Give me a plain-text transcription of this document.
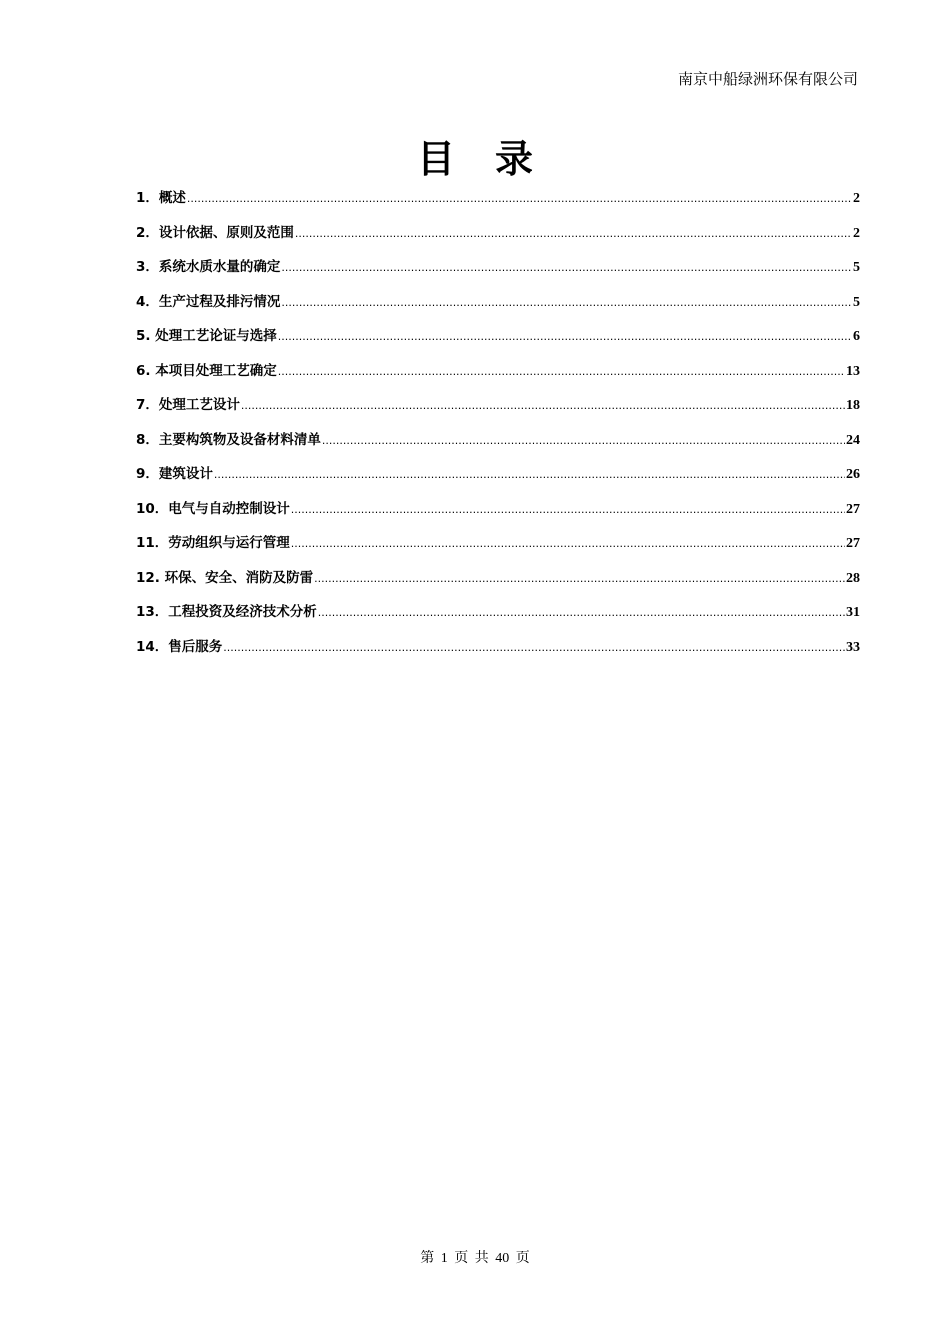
南京中船绿洲环保有限公司
目录
1．概述 .....	2
2．设计依据、原则及范围 .....	2
3．系统水质水量的确定 .....	5
4．生产过程及排污情况 .....	5
5. 处理工艺论证与选择 .....	6
6. 本项目处理工艺确定 .....	13
7．处理工艺设计 .....	18
8．主要构筑物及设备材料清单 .....	24
9．建筑设计 .....	26
10．电气与自动控制设计 .....	27
11．劳动组织与运行管理 .....	27
12. 环保、安全、消防及防雷 .....	28
13．工程投资及经济技术分析 .....	31
14．售后服务 .....	33
第 1 页 共 40 页
